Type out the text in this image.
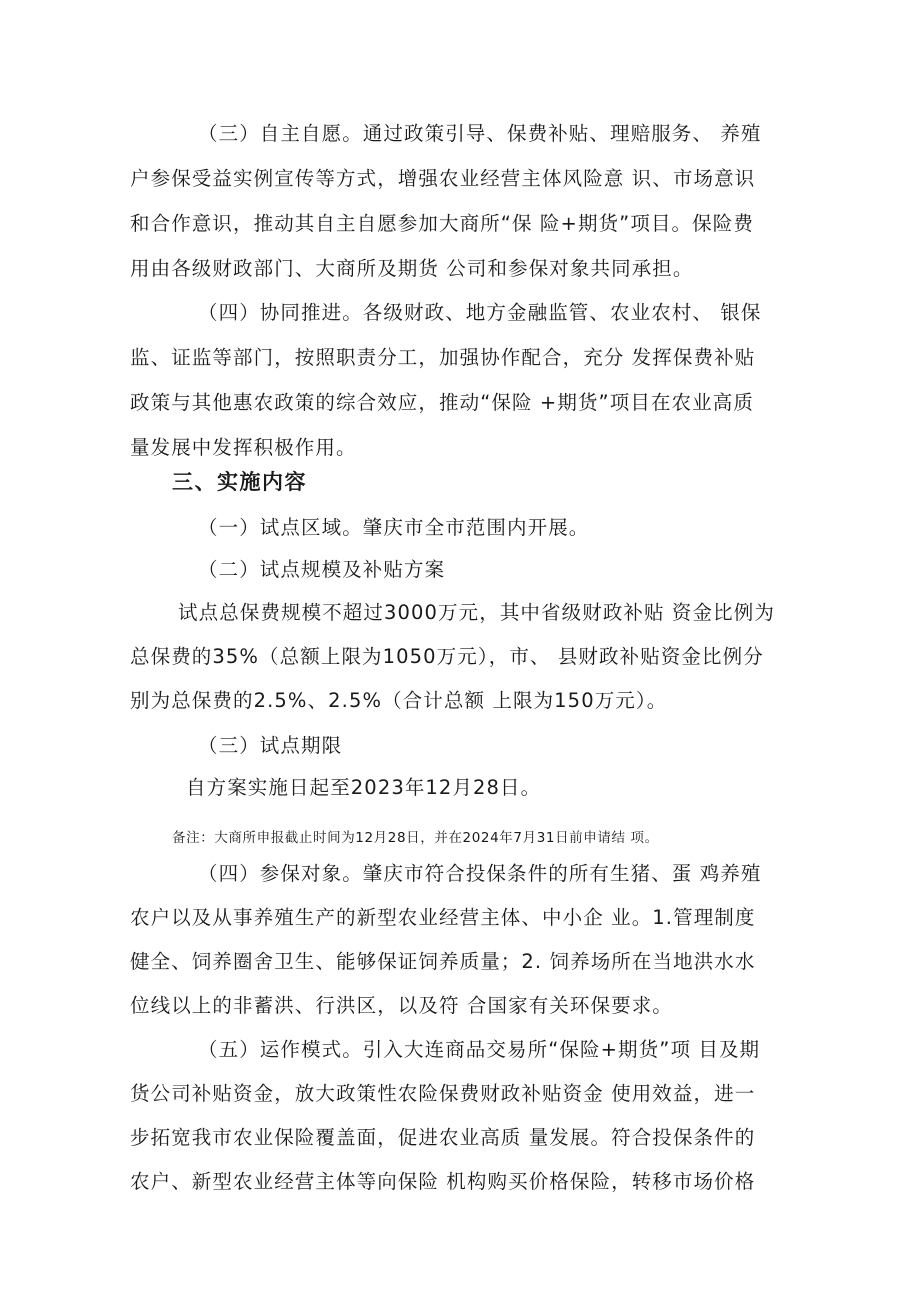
（三）自主自愿。通过政策引导、保费补贴、理赔服务、 养殖
户参保受益实例宣传等方式，增强农业经营主体风险意 识、市场意识
和合作意识，推动其自主自愿参加大商所“保 险+期货”项目。保险费
用由各级财政部门、大商所及期货 公司和参保对象共同承担。
（四）协同推进。各级财政、地方金融监管、农业农村、 银保
监、证监等部门，按照职责分工，加强协作配合，充分 发挥保费补贴
政策与其他惠农政策的综合效应，推动“保险 +期货”项目在农业高质
量发展中发挥积极作用。
三、实施内容
（一）试点区域。肇庆市全市范围内开展。
（二）试点规模及补贴方案
试点总保费规模不超过3000万元，其中省级财政补贴 资金比例为
总保费的35%（总额上限为1050万元），市、 县财政补贴资金比例分
别为总保费的2.5%、2.5%（合计总额 上限为150万元）。
（三）试点期限
自方案实施日起至2023年12月28日。
备注：大商所申报截止时间为12月28日，并在2024年7月31日前申请结 项。
（四）参保对象。肇庆市符合投保条件的所有生猪、蛋 鸡养殖
农户以及从事养殖生产的新型农业经营主体、中小企 业。1.管理制度
健全、饲养圈舍卫生、能够保证饲养质量；2. 饲养场所在当地洪水水
位线以上的非蓄洪、行洪区，以及符 合国家有关环保要求。
（五）运作模式。引入大连商品交易所“保险+期货”项 目及期
货公司补贴资金，放大政策性农险保费财政补贴资金 使用效益，进一
步拓宽我市农业保险覆盖面，促进农业高质 量发展。符合投保条件的
农户、新型农业经营主体等向保险 机构购买价格保险，转移市场价格
